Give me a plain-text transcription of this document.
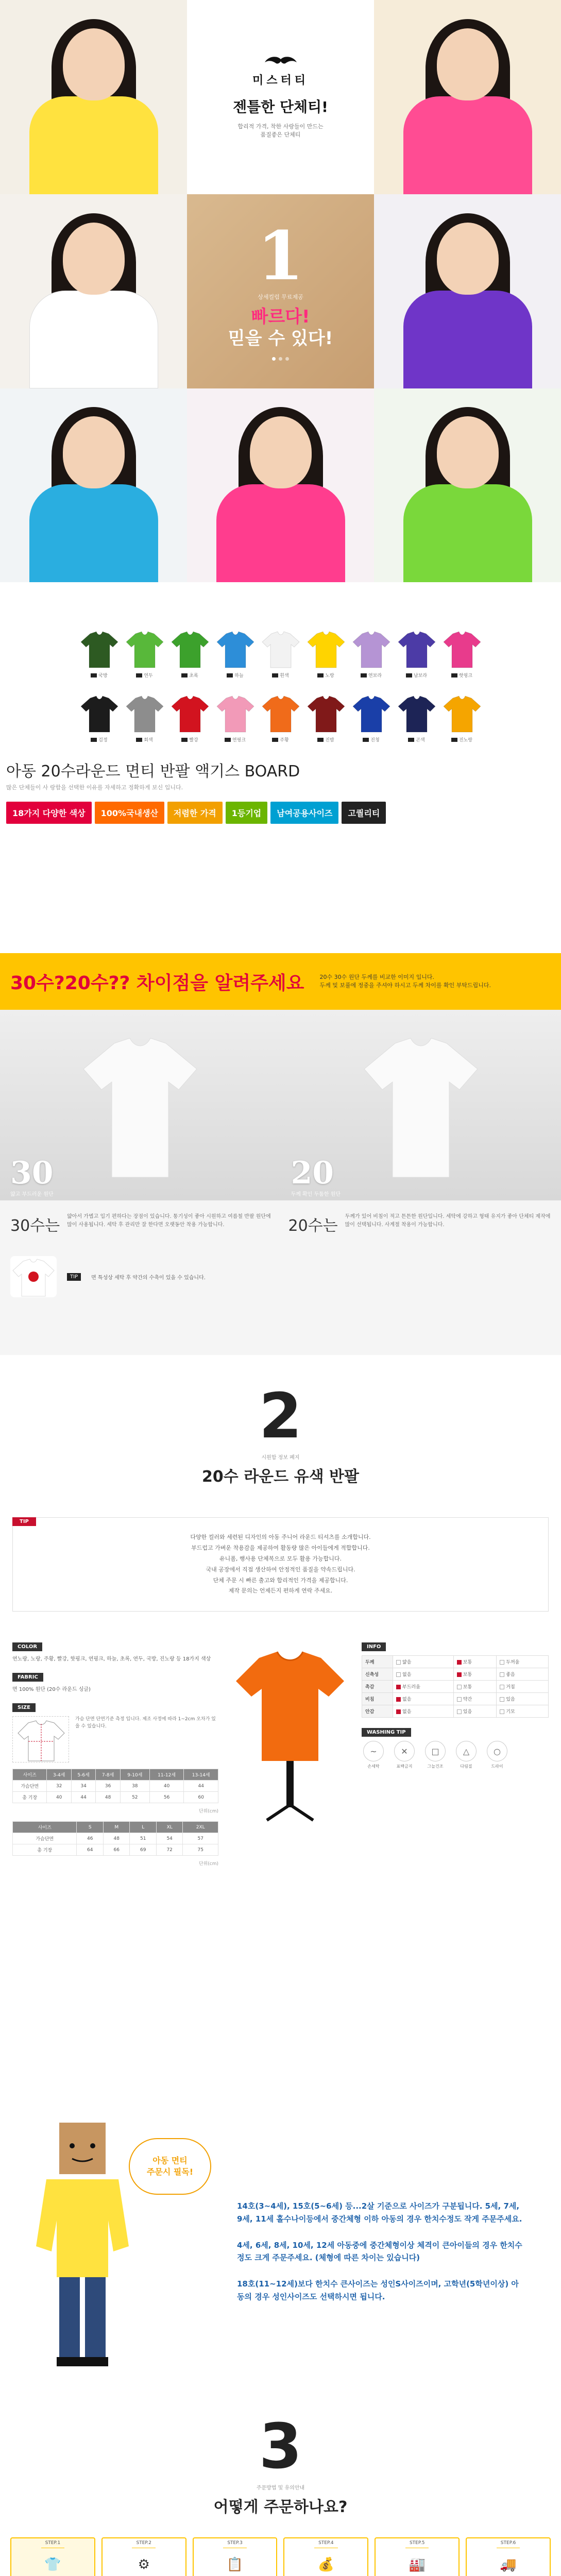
미스터티
젠틀한 단체티!
합리적 가격, 착한 사랑들이 만드는
품질좋은 단체티
1
상세컬럼 무료제공
빠르다!
믿을 수 있다!
국방	연두	초록	하늘	흰색	노랑	연보라	남보라	핫핑크
검정	회색	빨강	연핑크	주황	진밤	진청	곤색	진노랑
아동 20수라운드 면티 반팔 액기스 BOARD
많은 단체들이 사 랑함을 선택한 이유를 자세하고 정확하게 보신 입니다.
18가지 다양한 색상	100%국내생산	저렴한 가격	1등기업	남여공용사이즈	고퀄리티
30수?20수?? 차이점을 알려주세요	20수 30수 원단 두께를 비교한 이미지 입니다.
두께 및 보풀에 정중을 주셔야 하시고 두께 차이를 확인 부탁드립니다.
30
얇고 부드러운 원단
20
두께 확인 두툼한 원단
30수는

얇아서 가볍고 입기 편하다는 장점이 있습니다. 통기성이 좋아 시원하고 여름철 반팔 원단에 많이 사용됩니다. 세탁 후 관리만 잘 한다면 오랫동안 착용 가능합니다.	20수는

두께가 있어 비침이 적고 튼튼한 원단입니다. 세탁에 강하고 형태 유지가 좋아 단체티 제작에 많이 선택됩니다. 사계절 착용이 가능합니다.

TIP	면 특성상 세탁 후 약간의 수축이 있을 수 있습니다.

2
시원함 정보 폐지
20수 라운드 유색 반팔
TIP

다양한 컬러와 세련된 디자인의 아동 주니어 라운드 티셔츠를 소개합니다.

부드럽고 가벼운 착용감을 제공하여 활동량 많은 아이들에게 적합합니다.

유니폼, 행사용 단체복으로 모두 활용 가능합니다.

국내 공장에서 직접 생산하여 안정적인 품질을 약속드립니다.

단체 주문 시 빠른 출고와 합리적인 가격을 제공합니다.

제작 문의는 언제든지 편하게 연락 주세요.

COLOR

연노랑, 노랑, 주황, 빨강, 핫핑크, 연핑크, 하늘, 초록, 연두, 국방, 진노랑 등 18가지 색상

FABRIC

면 100% 원단 (20수 라운드 싱글)

SIZE
가슴 단면 단면기준 측정 입니다. 제조 사정에 따라 1~2cm 오차가 있을 수 있습니다.
사이즈	3-4세	5-6세	7-8세	9-10세	11-12세	13-14세
가슴단면	32	34	36	38	40	44
총 기장	40	44	48	52	56	60
단위(cm)
사이즈	S	M	L	XL	2XL
가슴단면	46	48	51	54	57
총 기장	64	66	69	72	75
단위(cm)
INFO
두께	얇음	보통	두꺼움
신축성	없음	보통	좋음
촉감	부드러움	보통	거침
비침	없음	약간	있음
안감	없음	있음	기모
WASHING TIP
~
손세탁
✕
표백금지
□
그늘건조
△
다림질
○
드라이
아동 면티
주문시 필독!

14호(3~4세), 15호(5~6세) 등...2살 기준으로 사이즈가 구분됩니다. 5세, 7세, 9세, 11세 홀수나이등에서 중간체형 이하 아동의 경우 한치수정도 작게 주문주세요.

4세, 6세, 8세, 10세, 12세 아동중에 중간체형이상 체격이 큰아이들의 경우 한치수정도 크게 주문주세요. (체형에 따른 차이는 있습니다)

18호(11~12세)보다 한치수 큰사이즈는 성인S사이즈이며, 고학년(5학년이상) 아동의 경우 성인사이즈도 선택하시면 됩니다.

3
주문방법 및 유의안내
어떻게 주문하나요?
STEP.1
👕
STEP.2
⚙
STEP.3
📋
STEP.4
💰
STEP.5
🏭
STEP.6
🚚
